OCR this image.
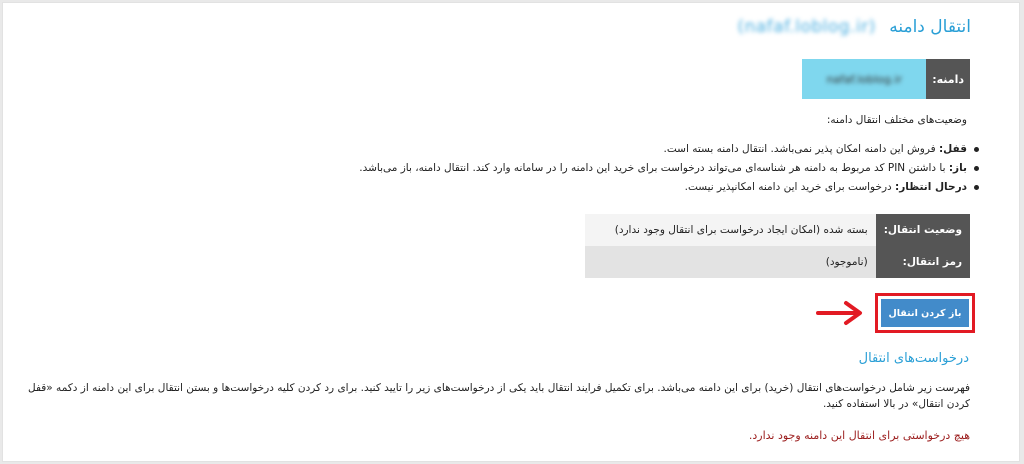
انتقال دامنه (nafaf.loblog.ir)
دامنه:
nafaf.loblog.ir
وضعیت‌های مختلف انتقال دامنه:
قفل: فروش این دامنه امکان پذیر نمی‌باشد. انتقال دامنه بسته است.
باز: با داشتن PIN کد مربوط به دامنه هر شناسه‌ای می‌تواند درخواست برای خرید این دامنه را در سامانه وارد کند. انتقال دامنه، باز می‌باشد.
درحال انتظار: درخواست برای خرید این دامنه امکانپذیر نیست.
وضعیت انتقال:	بسته شده (امکان ایجاد درخواست برای انتقال وجود ندارد)
رمز انتقال:	(ناموجود)
باز کردن انتقال
درخواست‌های انتقال
فهرست زیر شامل درخواست‌های انتقال (خرید) برای این دامنه می‌باشد. برای تکمیل فرایند انتقال باید یکی از درخواست‌های زیر را تایید کنید. برای رد کردن کلیه درخواست‌ها و بستن انتقال برای این دامنه از دکمه «قفل کردن انتقال» در بالا استفاده کنید.
هیچ درخواستی برای انتقال این دامنه وجود ندارد.
